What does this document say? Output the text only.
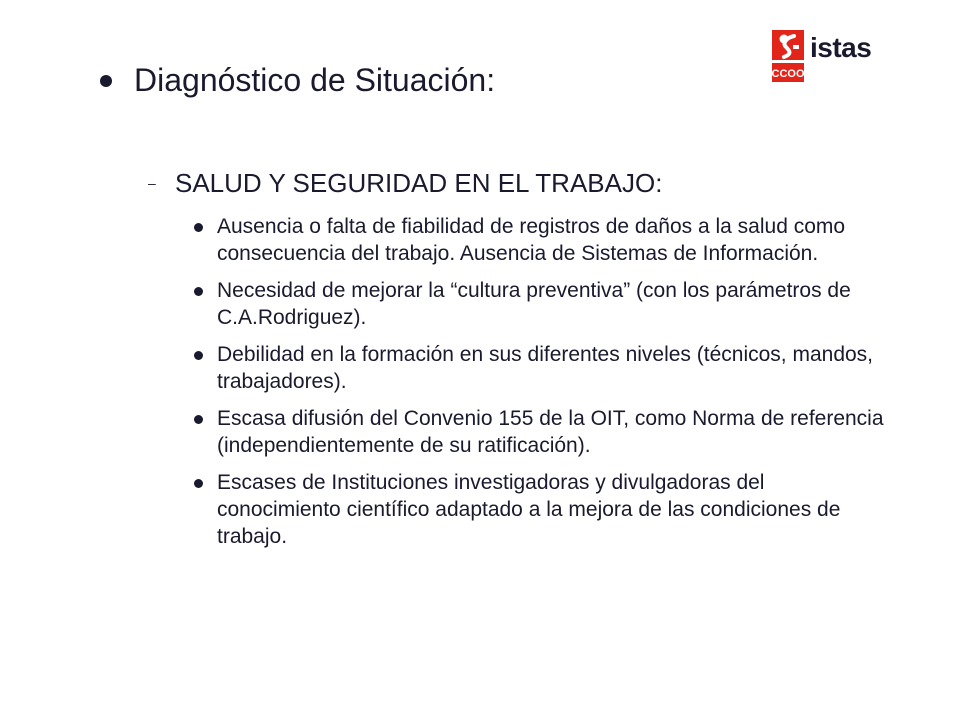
CCOO
istas
Diagnóstico de Situación:
– SALUD Y SEGURIDAD EN EL TRABAJO:
Ausencia o falta de fiabilidad de registros de daños a la salud como consecuencia del trabajo. Ausencia de Sistemas de Información.
Necesidad de mejorar la “cultura preventiva” (con los parámetros de C.A.Rodriguez).
Debilidad en la formación en sus diferentes niveles (técnicos, mandos, trabajadores).
Escasa difusión del Convenio 155 de la OIT, como Norma de referencia (independientemente de su ratificación).
Escases de Instituciones investigadoras y divulgadoras del conocimiento científico adaptado a la mejora de las condiciones de trabajo.
